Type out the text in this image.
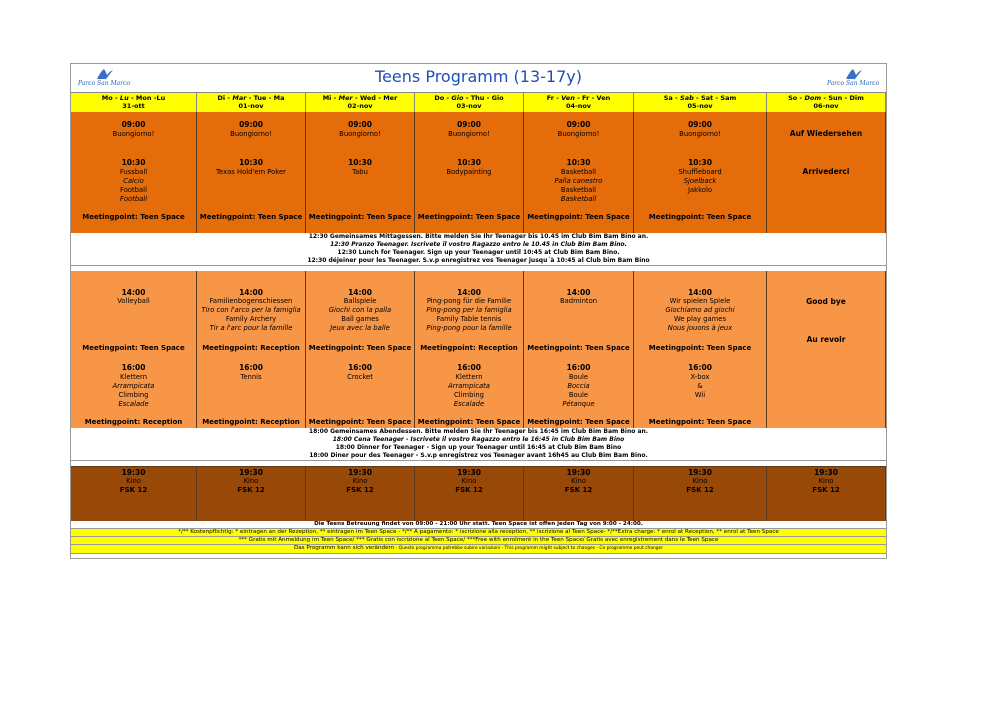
Parco San Marco	Teens Programm (13-17y)	Parco San Marco
Mo - Lu - Mon -Lu
31-ott
Di - Mar - Tue - Ma
01-nov
Mi - Mer - Wed - Mer
02-nov
Do - Gio - Thu - Gio
03-nov
Fr - Ven - Fr - Ven
04-nov
Sa - Sab - Sat - Sam
05-nov
So - Dom - Sun - Dim
06-nov
09:00
Buongiorno!
10:30
Fussball
Calcio
Football
Football
Meetingpoint: Teen Space
09:00
Buongiorno!
10:30
Texas Hold'em Poker
Meetingpoint: Teen Space
09:00
Buongiorno!
10:30
Tabu
Meetingpoint: Teen Space
09:00
Buongiorno!
10:30
Bodypainting
Meetingpoint: Teen Space
09:00
Buongiorno!
10:30
Basketball
Palla canestro
Basketball
Basketball
Meetingpoint: Teen Space
09:00
Buongiorno!
10:30
Shuffleboard
Sjoelback
Jakkolo
Meetingpoint: Teen Space
Auf Wiedersehen
Arrivederci
12:30 Gemeinsames Mittagessen. Bitte melden Sie Ihr Teenager bis 10.45 im Club Bim Bam Bino an.
12:30 Pranzo Teenager. Iscrivete il vostro Ragazzo entro le 10.45 in Club Bim Bam Bino.
12:30 Lunch for Teenager. Sign up your Teenager until 10:45 at Club Bim Bam Bino.
12:30 déjeiner pour les Teenager. S.v.p enregistrez vos Teenager jusqu´à 10:45 al Club bim Bam Bino
14:00
Volleyball
Meetingpoint: Teen Space
16:00
Klettern
Arrampicata
Climbing
Escalade
Meetingpoint: Reception
14:00
Familienbogenschiessen
Tiro con l'arco per la famiglia
Family Archery
Tir a l'arc pour la famille
Meetingpoint: Reception
16:00
Tennis
Meetingpoint: Reception
14:00
Ballspiele
Giochi con la palla
Ball games
Jeux avec la balle
Meetingpoint: Teen Space
16:00
Crocket
Meetingpoint: Teen Space
14:00
Ping-pong für die Familie
Ping-pong per la famiglia
Family Table tennis
Ping-pong pour la famille
Meetingpoint: Reception
16:00
Klettern
Arrampicata
Climbing
Escalade
Meetingpoint: Teen Space
14:00
Badminton
Meetingpoint: Teen Space
16:00
Boule
Boccia
Boule
Pétanque
Meetingpoint: Teen Space
14:00
Wir spielen Spiele
Giochiamo ad giochi
We play games
Nous jouons à jeux
Meetingpoint: Teen Space
16:00
X-box
&
Wii
Meetingpoint: Teen Space
Good bye
Au revoir
18:00 Gemeinsames Abendessen. Bitte melden Sie Ihr Teenager bis 16:45 im Club Bim Bam Bino an.
18:00 Cena Teenager - Iscrivete il vostro Ragazzo entro le 16:45 in Club Bim Bam Bino
18:00 Dinner for Teenager - Sign up your Teenager until 16:45 at Club Bim Bam Bino
18:00 Diner pour des Teenager - S.v.p enregistrez vos Teenager avant 16h45 au Club Bim Bam Bino.
19:30
Kino
FSK 12
19:30
Kino
FSK 12
19:30
Kino
FSK 12
19:30
Kino
FSK 12
19:30
Kino
FSK 12
19:30
Kino
FSK 12
19:30
Kino
FSK 12
Die Teens Betreuung findet von 09:00 - 21:00 Uhr statt. Teen Space ist offen jeden Tag von 9:00 - 24:00.
*/** Kostenpflichtig: * eintragen an der Rezeption, ** eintragen im Teen Space - */** A pagamento: * iscrizione alla reception, ** iscrizione al Teen Space- */**Extra charge: * enrol at Reception, ** enrol at Teen Space
*** Gratis mit Anmeldung im Teen Space/ *** Gratis con iscrizione al Teen Space/ ***Free with enrolment in the Teen Space/ Gratis avec enregistrement dans le Teen Space
Das Programm kann sich verändern - Questo programma potrebbe subire variazioni - This programm might subject to changes - Ce programme peut changer
